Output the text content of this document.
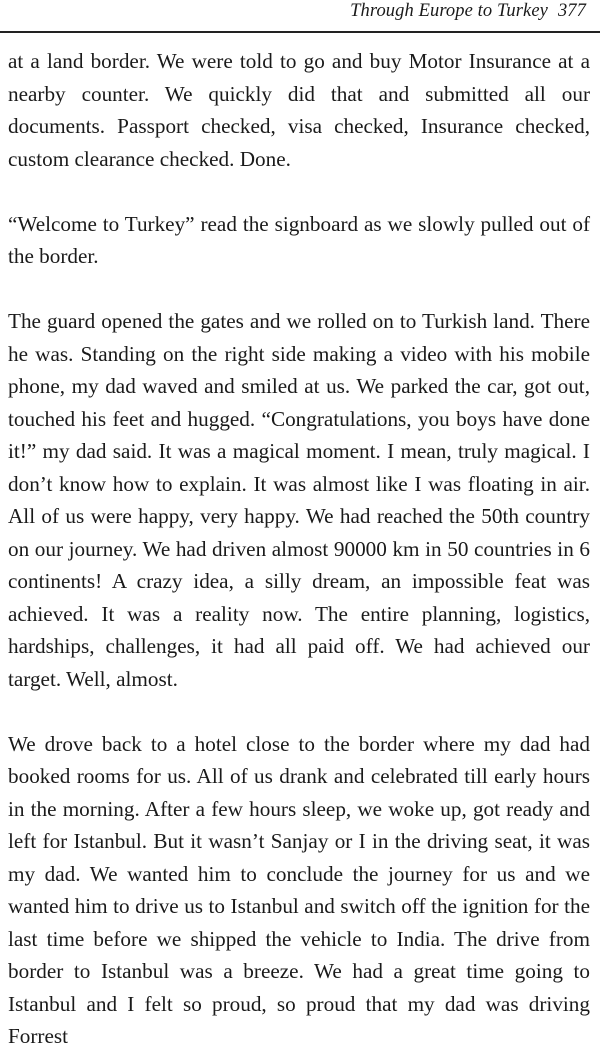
Through Europe to Turkey 377

at a land border. We were told to go and buy Motor Insurance at a nearby counter. We quickly did that and submitted all our documents. Passport checked, visa checked, Insurance checked, custom clearance checked. Done.

“Welcome to Turkey” read the signboard as we slowly pulled out of the border.

The guard opened the gates and we rolled on to Turkish land. There he was. Standing on the right side making a video with his mobile phone, my dad waved and smiled at us. We parked the car, got out, touched his feet and hugged. “Congratulations, you boys have done it!” my dad said. It was a magical moment. I mean, truly magical. I don’t know how to explain. It was almost like I was floating in air. All of us were happy, very happy. We had reached the 50th country on our journey. We had driven almost 90000 km in 50 countries in 6 continents! A crazy idea, a silly dream, an impossible feat was achieved. It was a reality now. The entire planning, logistics, hardships, challenges, it had all paid off. We had achieved our target. Well, almost.

We drove back to a hotel close to the border where my dad had booked rooms for us. All of us drank and celebrated till early hours in the morning. After a few hours sleep, we woke up, got ready and left for Istanbul. But it wasn’t Sanjay or I in the driving seat, it was my dad. We wanted him to conclude the journey for us and we wanted him to drive us to Istanbul and switch off the ignition for the last time before we shipped the vehicle to India. The drive from border to Istanbul was a breeze. We had a great time going to Istanbul and I felt so proud, so proud that my dad was driving Forrest
